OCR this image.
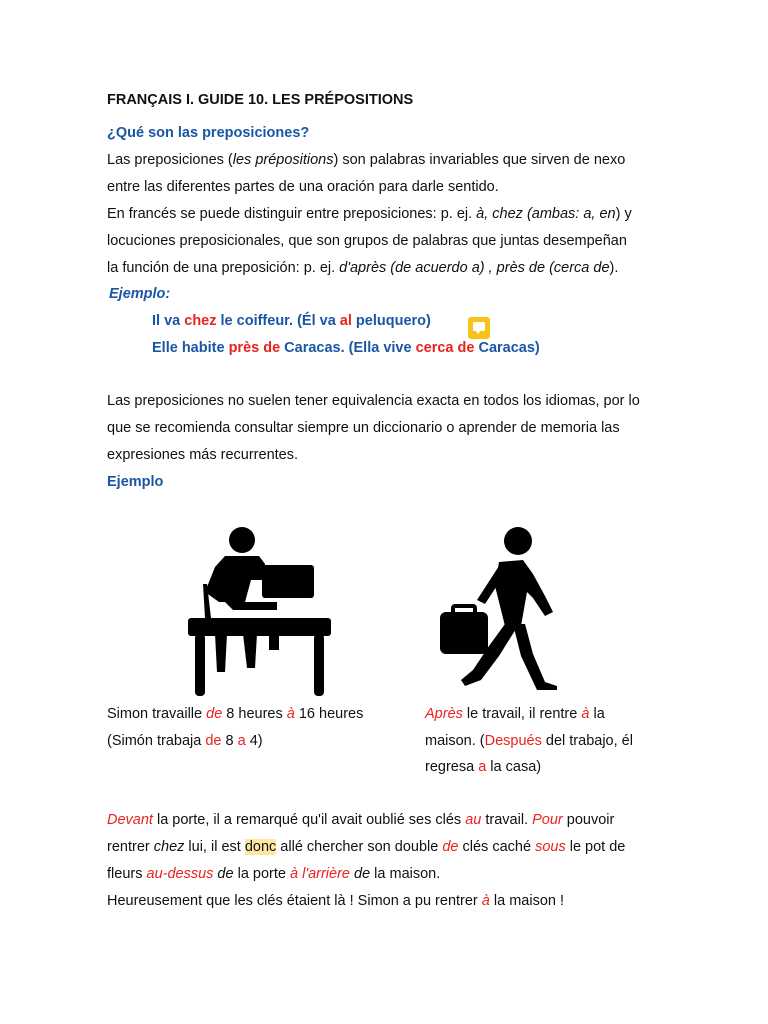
FRANÇAIS I. GUIDE 10. LES PRÉPOSITIONS
¿Qué son las preposiciones?
Las preposiciones (les prépositions) son palabras invariables que sirven de nexo
entre las diferentes partes de una oración para darle sentido.
En francés se puede distinguir entre preposiciones: p. ej. à, chez (ambas: a, en) y
locuciones preposicionales, que son grupos de palabras que juntas desempeñan
la función de una preposición: p. ej. d'après (de acuerdo a) , près de (cerca de).
Ejemplo:
Il va chez le coiffeur. (Él va al peluquero)
Elle habite près de Caracas. (Ella vive cerca de Caracas)
Las preposiciones no suelen tener equivalencia exacta en todos los idiomas, por lo
que se recomienda consultar siempre un diccionario o aprender de memoria las
expresiones más recurrentes.
Ejemplo
Simon travaille de 8 heures à 16 heures
(Simón trabaja de 8 a 4)
Après le travail, il rentre à la
maison. (Después del trabajo, él
regresa a la casa)
Devant la porte, il a remarqué qu'il avait oublié ses clés au travail. Pour pouvoir
rentrer chez lui, il est donc allé chercher son double de clés caché sous le pot de
fleurs au-dessus de la porte à l'arrière de la maison.
Heureusement que les clés étaient là ! Simon a pu rentrer à la maison !
